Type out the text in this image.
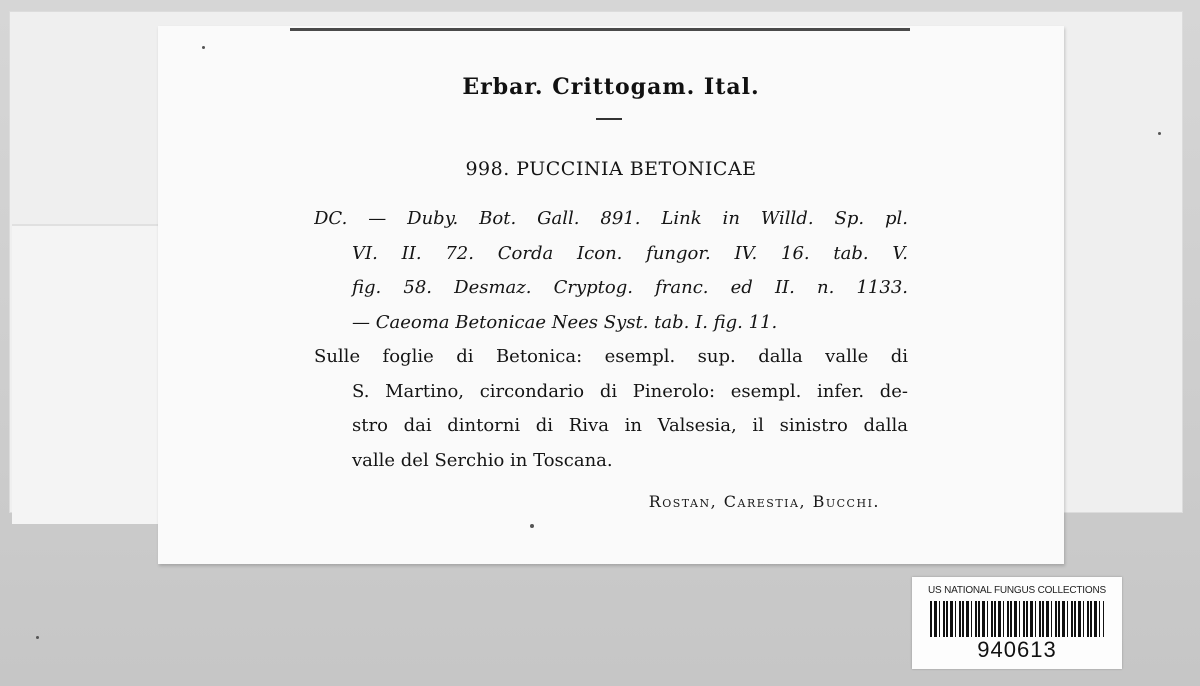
Erbar. Crittogam. Ital.
998. PUCCINIA BETONICAE
DC. — Duby. Bot. Gall. 891. Link in Willd. Sp. pl.
VI. II. 72. Corda Icon. fungor. IV. 16. tab. V.
fig. 58. Desmaz. Cryptog. franc. ed II. n. 1133.
— Caeoma Betonicae Nees Syst. tab. I. fig. 11.
Sulle foglie di Betonica: esempl. sup. dalla valle di
S. Martino, circondario di Pinerolo: esempl. infer. de-
stro dai dintorni di Riva in Valsesia, il sinistro dalla
valle del Serchio in Toscana.
Rostan, Carestia, Bucchi.
US NATIONAL FUNGUS COLLECTIONS
940613
